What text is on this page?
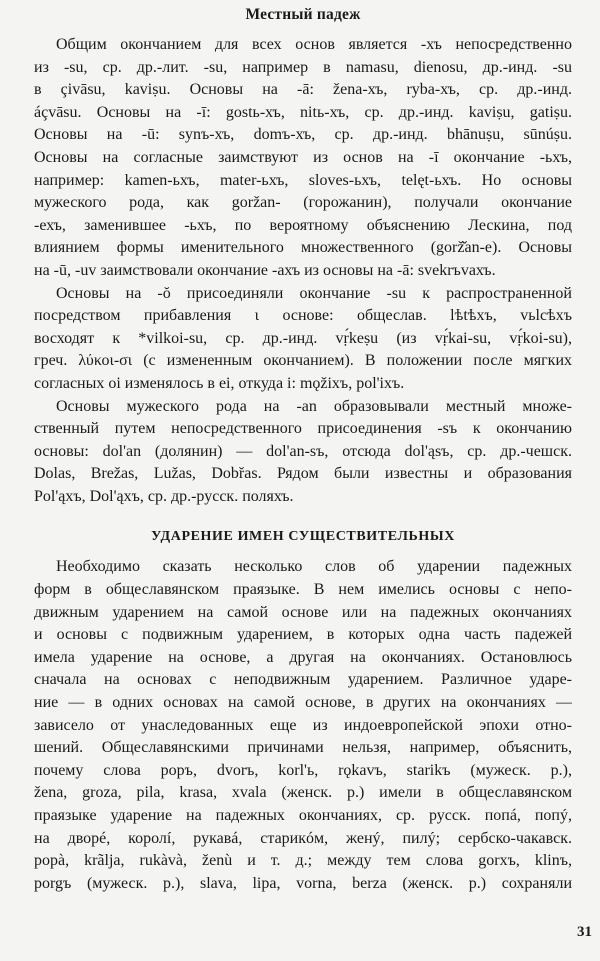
Местный падеж

Общим окончанием для всех основ является -хъ непосредственно
из -su, ср. др.-лит. -su, например в namasu, dienosu, др.-инд. -su
в çivāsu, kaviṣu. Основы на -ā: žena-хъ, ryba-хъ, ср. др.-инд.
áçvāsu. Основы на -ī: gostь-хъ, nitь-хъ, ср. др.-инд. kaviṣu, gatiṣu.
Основы на -ū: synъ-хъ, domъ-хъ, ср. др.-инд. bhānuṣu, sūnúṣu.
Основы на согласные заимствуют из основ на -ī окончание -ьхъ,
например: kamen-ьхъ, mater-ьхъ, sloves-ьхъ, telęt-ьхъ. Но основы
мужеского рода, как goržan- (горожанин), получали окончание
-ехъ, заменившее -ьхъ, по вероятному объяснению Лескина, под
влиянием формы именительного множественного (gorž̌an-e). Основы
на -ū, -uv заимствовали окончание -ахъ из основы на -ā: svekrъvахъ.

Основы на -ŏ присоединяли окончание -su к распространенной
посредством прибавления ι основе: общеслав. lѣtѣxъ, vьlcѣxъ
восходят к *vilkoi-su, ср. др.-инд. vṛ́keṣu (из vṛ́kai-su, vṛ́koi-su),
греч. λύκοι-σι (с измененным окончанием). В положении после мягких
согласных oi изменялось в ei, откуда i: mǫžixъ, pol'ixъ.

Основы мужеского рода на -an образовывали местный множе-
ственный путем непосредственного присоединения -sъ к окончанию
основы: dol'an (долянин) — dol'an-sъ, отсюда dol'ąsъ, ср. др.-чешск.
Dolas, Brežas, Lužas, Dobřas. Рядом были известны и образования
Pol'ąxъ, Dol'ąxъ, ср. др.-русск. поляхъ.

УДАРЕНИЕ ИМЕН СУЩЕСТВИТЕЛЬНЫХ

Необходимо сказать несколько слов об ударении падежных
форм в общеславянском праязыке. В нем имелись основы с непо-
движным ударением на самой основе или на падежных окончаниях
и основы с подвижным ударением, в которых одна часть падежей
имела ударение на основе, а другая на окончаниях. Остановлюсь
сначала на основах с неподвижным ударением. Различное ударе-
ние — в одних основах на самой основе, в других на окончаниях —
зависело от унаследованных еще из индоевропейской эпохи отно-
шений. Общеславянскими причинами нельзя, например, объяснить,
почему слова popъ, dvorъ, korl'ь, rǫkavъ, starikъ (мужеск. p.),
žena, groza, pila, krasa, xvala (женск. p.) имели в общеславянском
праязыке ударение на падежных окончаниях, ср. русск. попá, попý,
на дворé, королí, рукавá, старикóм, женý, пилý; сербско-чакавск.
popà, krãlja, rukàvà, ženù и т. д.; между тем слова gorxъ, klinъ,
porgъ (мужеск. p.), slava, lipa, vorna, berza (женск. p.) сохраняли

31
